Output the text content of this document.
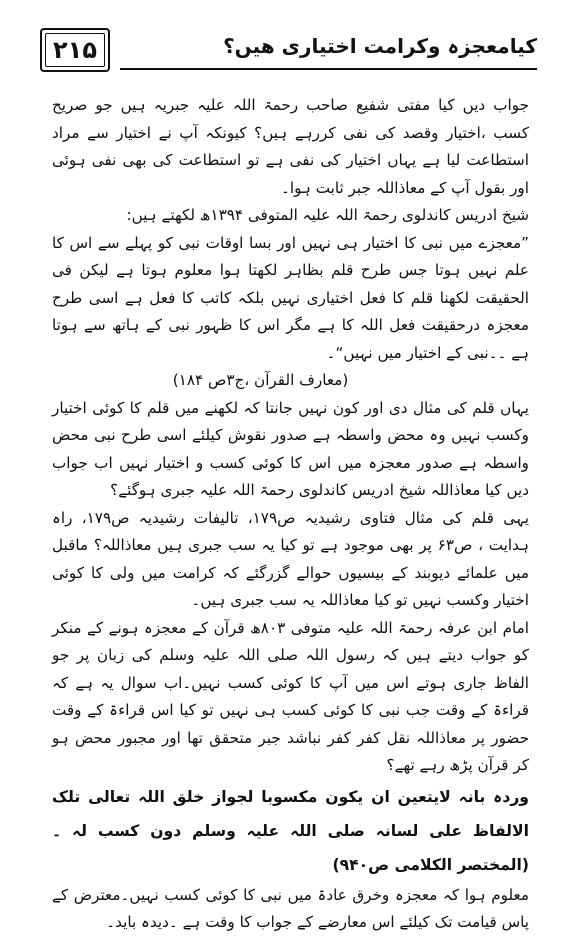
۲۱۵	کیامعجزہ وکرامت اختیاری ھیں؟

جواب دیں کیا مفتی شفیع صاحب رحمۃ اللہ علیہ جبریہ ہیں جو صریح کسب ،اختیار وقصد کی نفی کررہے ہیں؟ کیونکہ آپ نے اختیار سے مراد استطاعت لیا ہے یہاں اختیار کی نفی ہے تو استطاعت کی بھی نفی ہوئی اور بقول آپ کے معاذاللہ جبر ثابت ہوا۔

شیخ ادریس کاندلوی رحمۃ اللہ علیہ المتوفی ۱۳۹۴ھ لکھتے ہیں:

”معجزے میں نبی کا اختیار ہی نہیں اور بسا اوقات نبی کو پہلے سے اس کا علم نہیں ہوتا جس طرح قلم بظاہر لکھتا ہوا معلوم ہوتا ہے لیکن فی الحقیقت لکھنا قلم کا فعل اختیاری نہیں بلکہ کاتب کا فعل ہے اسی طرح معجزہ درحقیقت فعل اللہ کا ہے مگر اس کا ظہور نبی کے ہاتھ سے ہوتا ہے ۔۔نبی کے اختیار میں نہیں“۔

(معارف القرآن ،ج۳ص ۱۸۴)

یہاں قلم کی مثال دی اور کون نہیں جانتا کہ لکھنے میں قلم کا کوئی اختیار وکسب نہیں وہ محض واسطہ ہے صدور نقوش کیلئے اسی طرح نبی محض واسطہ ہے صدور معجزہ میں اس کا کوئی کسب و اختیار نہیں اب جواب دیں کیا معاذاللہ شیخ ادریس کاندلوی رحمۃ اللہ علیہ جبری ہوگئے؟

یہی قلم کی مثال فتاوی رشیدیہ ص۱۷۹، تالیفات رشیدیہ ص۱۷۹، راہ ہدایت ، ص۶۳ پر بھی موجود ہے تو کیا یہ سب جبری ہیں معاذاللہ؟ ماقبل میں علمائے دیوبند کے بیسیوں حوالے گزرگئے کہ کرامت میں ولی کا کوئی اختیار وکسب نہیں تو کیا معاذاللہ یہ سب جبری ہیں۔

امام ابن عرفہ رحمۃ اللہ علیہ متوفی ۸۰۳ھ قرآن کے معجزہ ہونے کے منکر کو جواب دیتے ہیں کہ رسول اللہ صلی اللہ علیہ وسلم کی زبان پر جو الفاظ جاری ہوتے اس میں آپ کا کوئی کسب نہیں۔اب سوال یہ ہے کہ قراءۃ کے وقت جب نبی کا کوئی کسب ہی نہیں تو کیا اس قراءۃ کے وقت حضور پر معاذاللہ نقل کفر کفر نباشد جبر متحقق تھا اور مجبور محض ہو کر قرآن پڑھ رہے تھے؟

وردہ بانہ لایتعین ان یکون مکسوبا لجواز خلق اللہ تعالی تلک الالفاظ علی لسانہ صلی اللہ علیہ وسلم دون کسب لہ ۔(المختصر الکلامی ص۹۴۰)

معلوم ہوا کہ معجزہ وخرق عادۃ میں نبی کا کوئی کسب نہیں۔معترض کے پاس قیامت تک کیلئے اس معارضے کے جواب کا وقت ہے ۔دیدہ باید۔
